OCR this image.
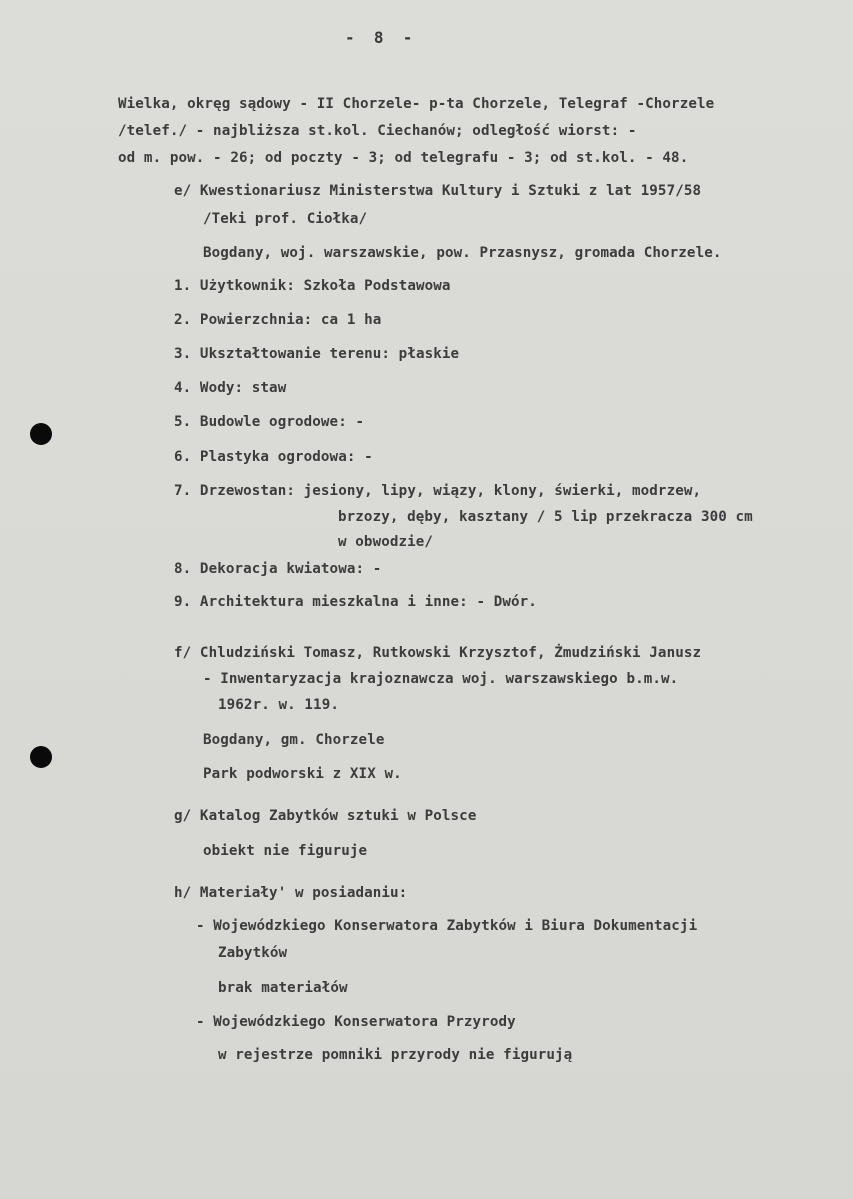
-  8  -
Wielka, okręg sądowy - II Chorzele- p-ta Chorzele, Telegraf -Chorzele
/telef./ - najbliższa st.kol. Ciechanów; odległość wiorst: -
od m. pow. - 26; od poczty - 3; od telegrafu - 3; od st.kol. - 48.
e/ Kwestionariusz Ministerstwa Kultury i Sztuki z lat 1957/58
/Teki prof. Ciołka/
Bogdany, woj. warszawskie, pow. Przasnysz, gromada Chorzele.
1. Użytkownik: Szkoła Podstawowa
2. Powierzchnia: ca 1 ha
3. Ukształtowanie terenu: płaskie
4. Wody: staw
5. Budowle ogrodowe: -
6. Plastyka ogrodowa: -
7. Drzewostan: jesiony, lipy, wiązy, klony, świerki, modrzew,
brzozy, dęby, kasztany / 5 lip przekracza 300 cm
w obwodzie/
8. Dekoracja kwiatowa: -
9. Architektura mieszkalna i inne: - Dwór.
f/ Chludziński Tomasz, Rutkowski Krzysztof, Żmudziński Janusz
- Inwentaryzacja krajoznawcza woj. warszawskiego b.m.w.
1962r. w. 119.
Bogdany, gm. Chorzele
Park podworski z XIX w.
g/ Katalog Zabytków sztuki w Polsce
obiekt nie figuruje
h/ Materiały' w posiadaniu:
- Wojewódzkiego Konserwatora Zabytków i Biura Dokumentacji
Zabytków
brak materiałów
- Wojewódzkiego Konserwatora Przyrody
w rejestrze pomniki przyrody nie figurują
